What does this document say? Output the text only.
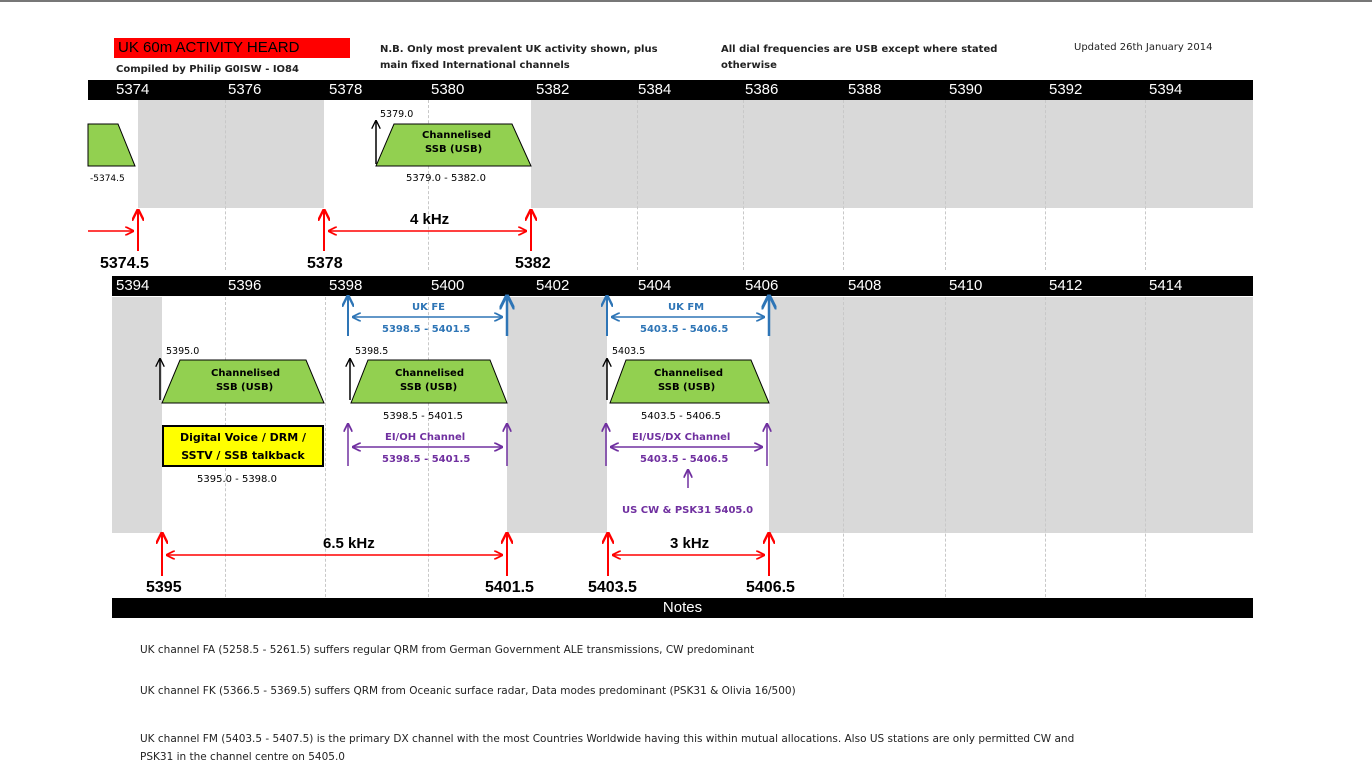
UK 60m ACTIVITY HEARD
Compiled by Philip G0ISW - IO84
N.B. Only most prevalent UK activity shown, plus
main fixed International channels
All dial frequencies are USB except where stated
otherwise
Updated 26th January 2014
5374	5376	5378	5380	5382	5384	5386	5388	5390	5392	5394
5394	5396	5398	5400	5402	5404	5406	5408	5410	5412	5414
-5374.5
5379.0
Channelised
SSB (USB)
5379.0 - 5382.0
4 kHz
5374.5	5378	5382
UK FE
5398.5 - 5401.5
UK FM
5403.5 - 5406.5
5395.0	5398.5	5403.5
Channelised
SSB (USB)
Channelised
SSB (USB)
Channelised
SSB (USB)
5398.5 - 5401.5	5403.5 - 5406.5
Digital Voice / DRM /
SSTV / SSB talkback
5395.0 - 5398.0
EI/OH Channel
5398.5 - 5401.5
EI/US/DX Channel
5403.5 - 5406.5
US CW & PSK31 5405.0
6.5 kHz	3 kHz
5395	5401.5	5403.5	5406.5
Notes
UK channel FA (5258.5 - 5261.5) suffers regular QRM from German Government ALE transmissions, CW predominant
UK channel FK (5366.5 - 5369.5) suffers QRM from Oceanic surface radar, Data modes predominant (PSK31 & Olivia 16/500)
UK channel FM (5403.5 - 5407.5) is the primary DX channel with the most Countries Worldwide having this within mutual allocations. Also US stations are only permitted CW and
PSK31 in the channel centre on 5405.0
